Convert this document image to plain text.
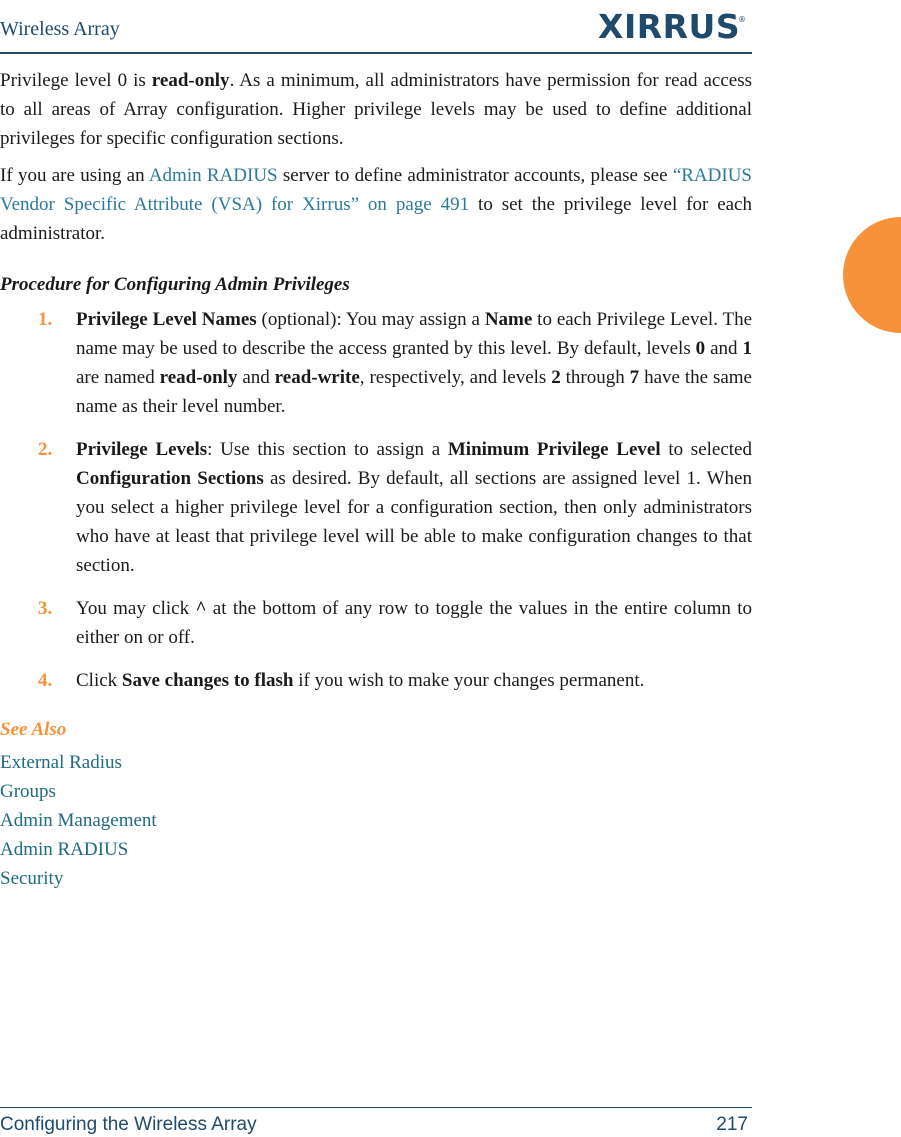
Wireless Array	XIRRUS
®

Privilege level 0 is read-only. As a minimum, all administrators have permission for read access to all areas of Array configuration. Higher privilege levels may be used to define additional privileges for specific configuration sections.

If you are using an Admin RADIUS server to define administrator accounts, please see “RADIUS Vendor Specific Attribute (VSA) for Xirrus” on page 491 to set the privilege level for each administrator.

Procedure for Configuring Admin Privileges
1. Privilege Level Names (optional): You may assign a Name to each Privilege Level. The name may be used to describe the access granted by this level. By default, levels 0 and 1 are named read-only and read-write, respectively, and levels 2 through 7 have the same name as their level number.
2. Privilege Levels: Use this section to assign a Minimum Privilege Level to selected Configuration Sections as desired. By default, all sections are assigned level 1. When you select a higher privilege level for a configuration section, then only administrators who have at least that privilege level will be able to make configuration changes to that section.
3. You may click ^ at the bottom of any row to toggle the values in the entire column to either on or off.
4. Click Save changes to flash if you wish to make your changes permanent.
See Also
External Radius
Groups
Admin Management
Admin RADIUS
Security
Configuring the Wireless Array	217
